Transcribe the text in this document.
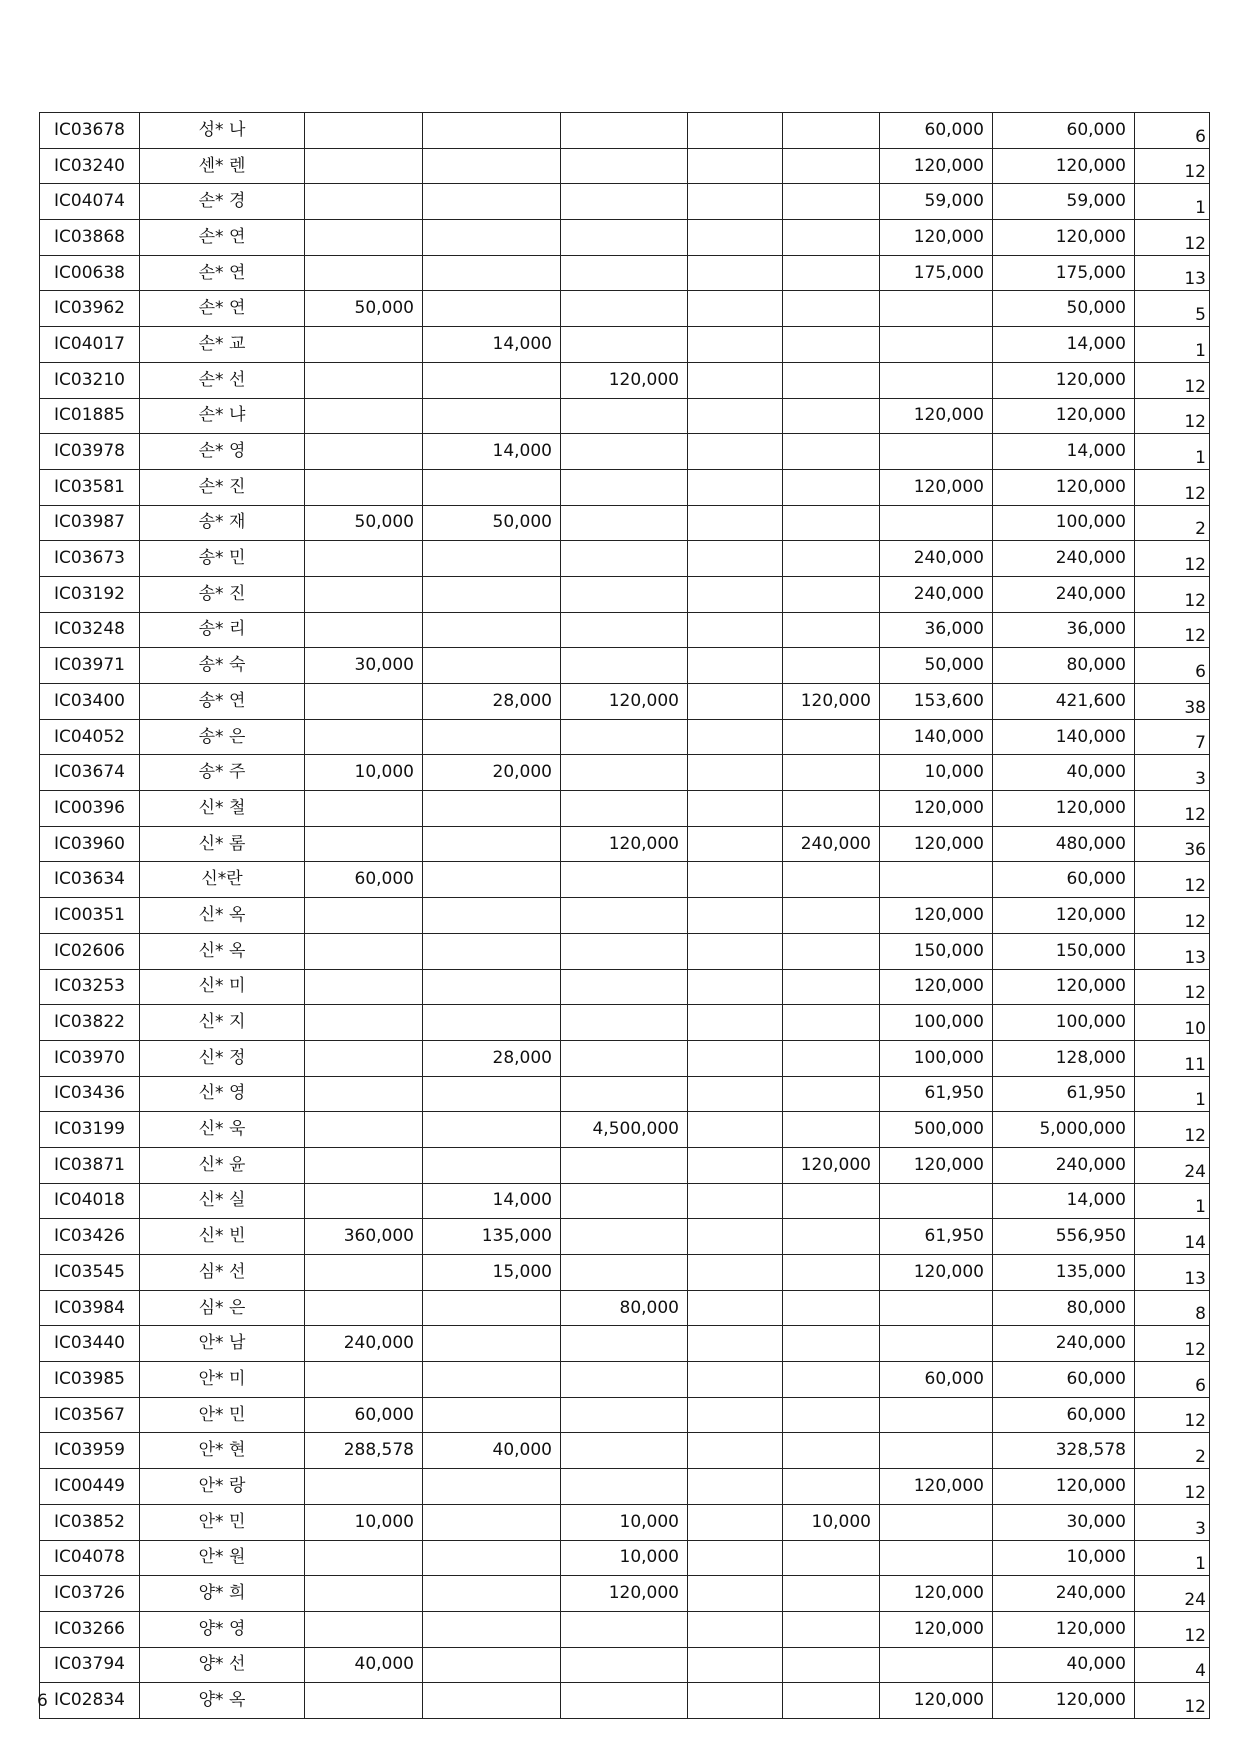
IC03678	성* 나						60,000	60,000	6
IC03240	센* 렌						120,000	120,000	12
IC04074	손* 경						59,000	59,000	1
IC03868	손* 연						120,000	120,000	12
IC00638	손* 연						175,000	175,000	13
IC03962	손* 연	50,000						50,000	5
IC04017	손* 교		14,000					14,000	1
IC03210	손* 선			120,000				120,000	12
IC01885	손* 냐						120,000	120,000	12
IC03978	손* 영		14,000					14,000	1
IC03581	손* 진						120,000	120,000	12
IC03987	송* 재	50,000	50,000					100,000	2
IC03673	송* 민						240,000	240,000	12
IC03192	송* 진						240,000	240,000	12
IC03248	송* 리						36,000	36,000	12
IC03971	송* 숙	30,000					50,000	80,000	6
IC03400	송* 연		28,000	120,000		120,000	153,600	421,600	38
IC04052	송* 은						140,000	140,000	7
IC03674	송* 주	10,000	20,000				10,000	40,000	3
IC00396	신* 철						120,000	120,000	12
IC03960	신* 롬			120,000		240,000	120,000	480,000	36
IC03634	신*란	60,000						60,000	12
IC00351	신* 옥						120,000	120,000	12
IC02606	신* 옥						150,000	150,000	13
IC03253	신* 미						120,000	120,000	12
IC03822	신* 지						100,000	100,000	10
IC03970	신* 정		28,000				100,000	128,000	11
IC03436	신* 영						61,950	61,950	1
IC03199	신* 욱			4,500,000			500,000	5,000,000	12
IC03871	신* 윤					120,000	120,000	240,000	24
IC04018	신* 실		14,000					14,000	1
IC03426	신* 빈	360,000	135,000				61,950	556,950	14
IC03545	심* 선		15,000				120,000	135,000	13
IC03984	심* 은			80,000				80,000	8
IC03440	안* 남	240,000						240,000	12
IC03985	안* 미						60,000	60,000	6
IC03567	안* 민	60,000						60,000	12
IC03959	안* 현	288,578	40,000					328,578	2
IC00449	안* 랑						120,000	120,000	12
IC03852	안* 민	10,000		10,000		10,000		30,000	3
IC04078	안* 원			10,000				10,000	1
IC03726	양* 희			120,000			120,000	240,000	24
IC03266	양* 영						120,000	120,000	12
IC03794	양* 선	40,000						40,000	4
IC02834	양* 옥						120,000	120,000	12
6
